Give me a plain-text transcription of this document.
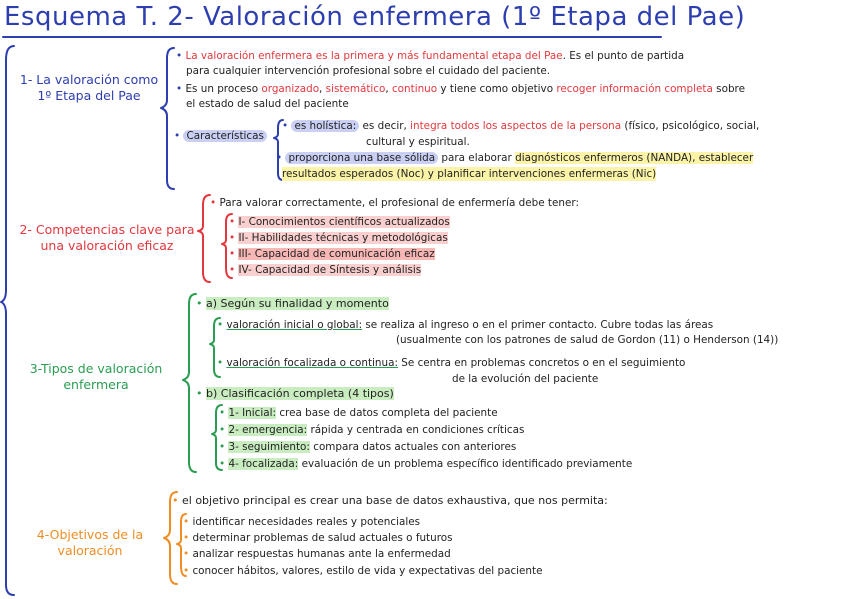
Esquema T. 2- Valoración enfermera (1º Etapa del Pae)
1- La valoración como
1º Etapa del Pae
• La valoración enfermera es la primera y más fundamental etapa del Pae. Es el punto de partida
para cualquier intervención profesional sobre el cuidado del paciente.
• Es un proceso organizado, sistemático, continuo y tiene como objetivo recoger información completa sobre
el estado de salud del paciente
• Características
• es holística: es decir, integra todos los aspectos de la persona (físico, psicológico, social,
cultural y espiritual.
• proporciona una base sólida para elaborar diagnósticos enfermeros (NANDA), establecer
resultados esperados (Noc) y planificar intervenciones enfermeras (Nic)
2- Competencias clave para
una valoración eficaz
• Para valorar correctamente, el profesional de enfermería debe tener:
• I- Conocimientos científicos actualizados
• II- Habilidades técnicas y metodológicas
• III- Capacidad de comunicación eficaz
• IV- Capacidad de Síntesis y análisis
3-Tipos de valoración
enfermera
• a) Según su finalidad y momento
• valoración inicial o global: se realiza al ingreso o en el primer contacto. Cubre todas las áreas
(usualmente con los patrones de salud de Gordon (11) o Henderson (14))
• valoración focalizada o continua: Se centra en problemas concretos o en el seguimiento
de la evolución del paciente
• b) Clasificación completa (4 tipos)
• 1- Inicial: crea base de datos completa del paciente
• 2- emergencia: rápida y centrada en condiciones críticas
• 3- seguimiento: compara datos actuales con anteriores
• 4- focalizada: evaluación de un problema específico identificado previamente
4-Objetivos de la
valoración
• el objetivo principal es crear una base de datos exhaustiva, que nos permita:
• identificar necesidades reales y potenciales
• determinar problemas de salud actuales o futuros
• analizar respuestas humanas ante la enfermedad
• conocer hábitos, valores, estilo de vida y expectativas del paciente
